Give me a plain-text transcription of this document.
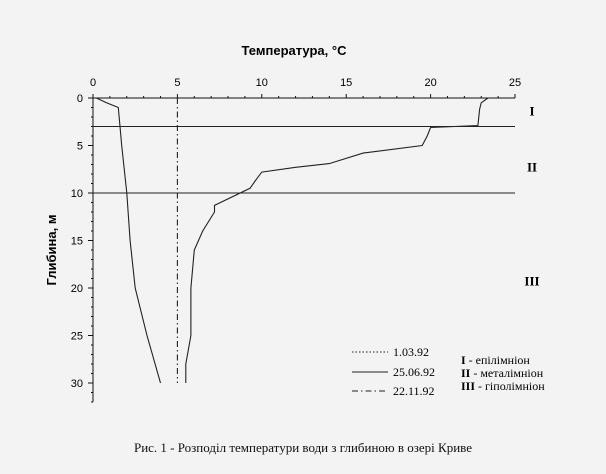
0	5	10	15	20	25
0
5
10
15
20
25
30
Температура, °C
Глибина, м
I
II
III
1.03.92
25.06.92
22.11.92
I - епілімніон
II - металімніон
III - гіполімніон
Рис. 1 - Розподіл температури води з глибиною в озері Криве
